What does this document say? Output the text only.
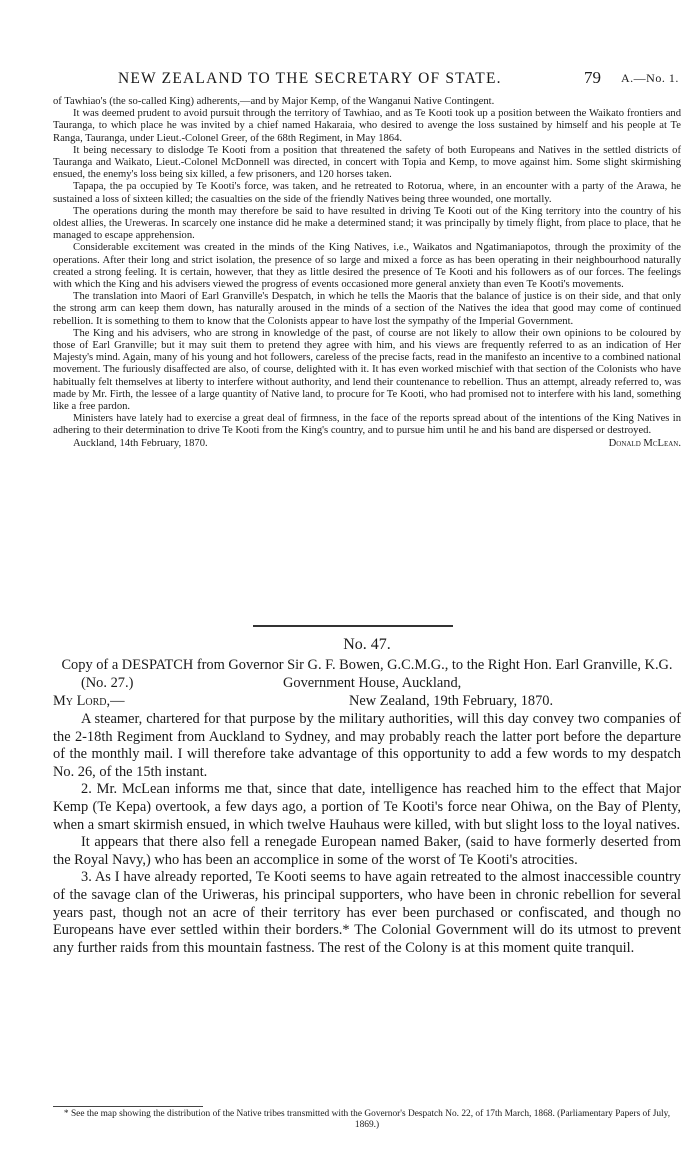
NEW ZEALAND TO THE SECRETARY OF STATE.	79 A.—No. 1.

of Tawhiao's (the so-called King) adherents,—and by Major Kemp, of the Wanganui Native Contingent.

It was deemed prudent to avoid pursuit through the territory of Tawhiao, and as Te Kooti took up a position between the Waikato frontiers and Tauranga, to which place he was invited by a chief named Hakaraia, who desired to avenge the loss sustained by himself and his people at Te Ranga, Tauranga, under Lieut.-Colonel Greer, of the 68th Regiment, in May 1864.

It being necessary to dislodge Te Kooti from a position that threatened the safety of both Europeans and Natives in the settled districts of Tauranga and Waikato, Lieut.-Colonel McDonnell was directed, in concert with Topia and Kemp, to move against him. Some slight skirmishing ensued, the enemy's loss being six killed, a few prisoners, and 120 horses taken.

Tapapa, the pa occupied by Te Kooti's force, was taken, and he retreated to Rotorua, where, in an encounter with a party of the Arawa, he sustained a loss of sixteen killed; the casualties on the side of the friendly Natives being three wounded, one mortally.

The operations during the month may therefore be said to have resulted in driving Te Kooti out of the King territory into the country of his oldest allies, the Ureweras. In scarcely one instance did he make a determined stand; it was principally by timely flight, from place to place, that he managed to escape apprehension.

Considerable excitement was created in the minds of the King Natives, i.e., Waikatos and Ngatimaniapotos, through the proximity of the operations. After their long and strict isolation, the presence of so large and mixed a force as has been operating in their neighbourhood naturally created a strong feeling. It is certain, however, that they as little desired the presence of Te Kooti and his followers as of our forces. The feelings with which the King and his advisers viewed the progress of events occasioned more general anxiety than even Te Kooti's movements.

The translation into Maori of Earl Granville's Despatch, in which he tells the Maoris that the balance of justice is on their side, and that only the strong arm can keep them down, has naturally aroused in the minds of a section of the Natives the idea that good may come of continued rebellion. It is something to them to know that the Colonists appear to have lost the sympathy of the Imperial Government.

The King and his advisers, who are strong in knowledge of the past, of course are not likely to allow their own opinions to be coloured by those of Earl Granville; but it may suit them to pretend they agree with him, and his views are frequently referred to as an indication of Her Majesty's mind. Again, many of his young and hot followers, careless of the precise facts, read in the manifesto an incentive to a combined national movement. The furiously disaffected are also, of course, delighted with it. It has even worked mischief with that section of the Colonists who have habitually felt themselves at liberty to interfere without authority, and lend their countenance to rebellion. Thus an attempt, already referred to, was made by Mr. Firth, the lessee of a large quantity of Native land, to procure for Te Kooti, who had promised not to interfere with his land, something like a free pardon.

Ministers have lately had to exercise a great deal of firmness, in the face of the reports spread about of the intentions of the King Natives in adhering to their determination to drive Te Kooti from the King's country, and to pursue him until he and his band are dispersed or destroyed.

Auckland, 14th February, 1870.	Donald McLean.
No. 47.
Copy of a DESPATCH from Governor Sir G. F. Bowen, G.C.M.G., to the Right Hon. Earl Granville, K.G.
(No. 27.)	Government House, Auckland,
My Lord,—	New Zealand, 19th February, 1870.

A steamer, chartered for that purpose by the military authorities, will this day convey two companies of the 2-18th Regiment from Auckland to Sydney, and may probably reach the latter port before the departure of the monthly mail. I will therefore take advantage of this opportunity to add a few words to my despatch No. 26, of the 15th instant.

2. Mr. McLean informs me that, since that date, intelligence has reached him to the effect that Major Kemp (Te Kepa) overtook, a few days ago, a portion of Te Kooti's force near Ohiwa, on the Bay of Plenty, when a smart skirmish ensued, in which twelve Hauhaus were killed, with but slight loss to the loyal natives.

It appears that there also fell a renegade European named Baker, (said to have formerly deserted from the Royal Navy,) who has been an accomplice in some of the worst of Te Kooti's atrocities.

3. As I have already reported, Te Kooti seems to have again retreated to the almost inaccessible country of the savage clan of the Uriweras, his principal supporters, who have been in chronic rebellion for several years past, though not an acre of their territory has ever been purchased or confiscated, and though no Europeans have ever settled within their borders.* The Colonial Government will do its utmost to prevent any further raids from this mountain fastness. The rest of the Colony is at this moment quite tranquil.

* See the map showing the distribution of the Native tribes transmitted with the Governor's Despatch No. 22, of 17th March, 1868. (Parliamentary Papers of July, 1869.)
